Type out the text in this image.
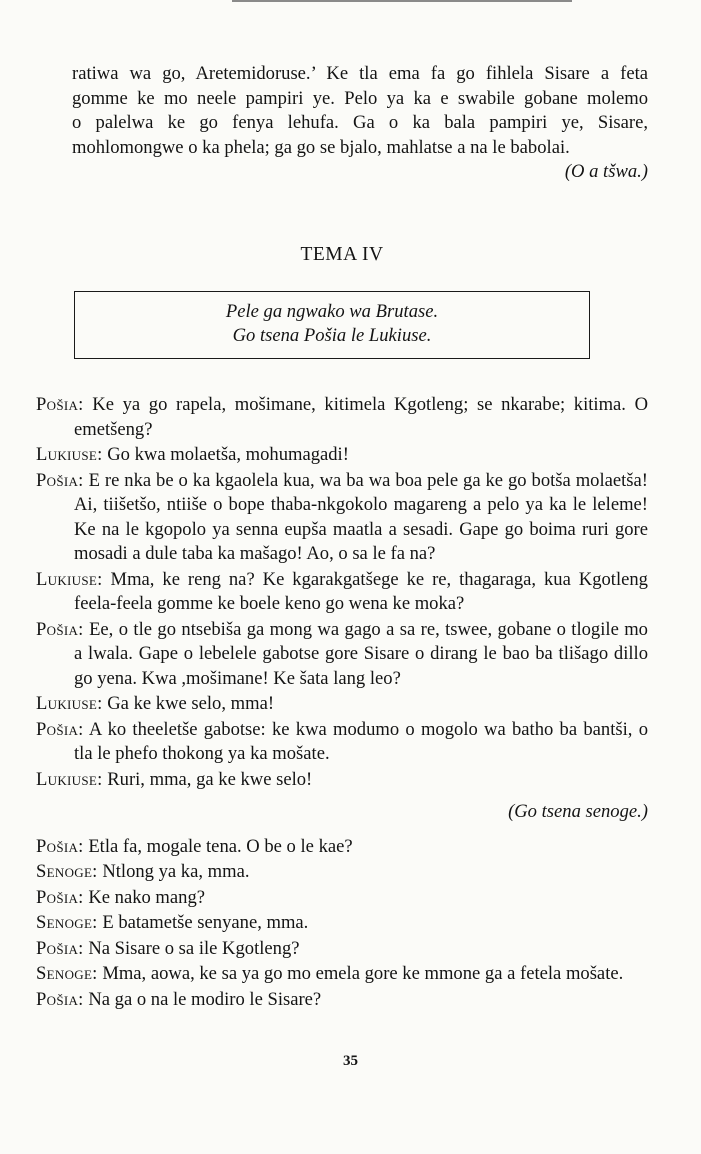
ratiwa wa go, Aretemidoruse.’ Ke tla ema fa go fihlela Sisare a feta
gomme ke mo neele pampiri ye. Pelo ya ka e swabile gobane molemo
o palelwa ke go fenya lehufa. Ga o ka bala pampiri ye, Sisare,
mohlomongwe o ka phela; ga go se bjalo, mahlatse a na le babolai.

(O a tšwa.)

TEMA IV
Pele ga ngwako wa Brutase.
Go tsena Pošia le Lukiuse.

Pošia: Ke ya go rapela, mošimane, kitimela Kgotleng; se nkarabe; kitima. O emetšeng?

Lukiuse: Go kwa molaetša, mohumagadi!

Pošia: E re nka be o ka kgaolela kua, wa ba wa boa pele ga ke go botša molaetša! Ai, tiišetšo, ntiiše o bope thaba-nkgokolo magareng a pelo ya ka le leleme! Ke na le kgopolo ya senna eupša maatla a sesadi. Gape go boima ruri gore mosadi a dule taba ka mašago! Ao, o sa le fa na?

Lukiuse: Mma, ke reng na? Ke kgarakgatšege ke re, thagaraga, kua Kgotleng feela-feela gomme ke boele keno go wena ke moka?

Pošia: Ee, o tle go ntsebiša ga mong wa gago a sa re, tswee, gobane o tlogile mo a lwala. Gape o lebelele gabotse gore Sisare o dirang le bao ba tlišago dillo go yena. Kwa ,mošimane! Ke šata lang leo?

Lukiuse: Ga ke kwe selo, mma!

Pošia: A ko theeletše gabotse: ke kwa modumo o mogolo wa batho ba bantši, o tla le phefo thokong ya ka mošate.

Lukiuse: Ruri, mma, ga ke kwe selo!

(Go tsena senoge.)

Pošia: Etla fa, mogale tena. O be o le kae?

Senoge: Ntlong ya ka, mma.

Pošia: Ke nako mang?

Senoge: E batametše senyane, mma.

Pošia: Na Sisare o sa ile Kgotleng?

Senoge: Mma, aowa, ke sa ya go mo emela gore ke mmone ga a fetela mošate.

Pošia: Na ga o na le modiro le Sisare?

35
